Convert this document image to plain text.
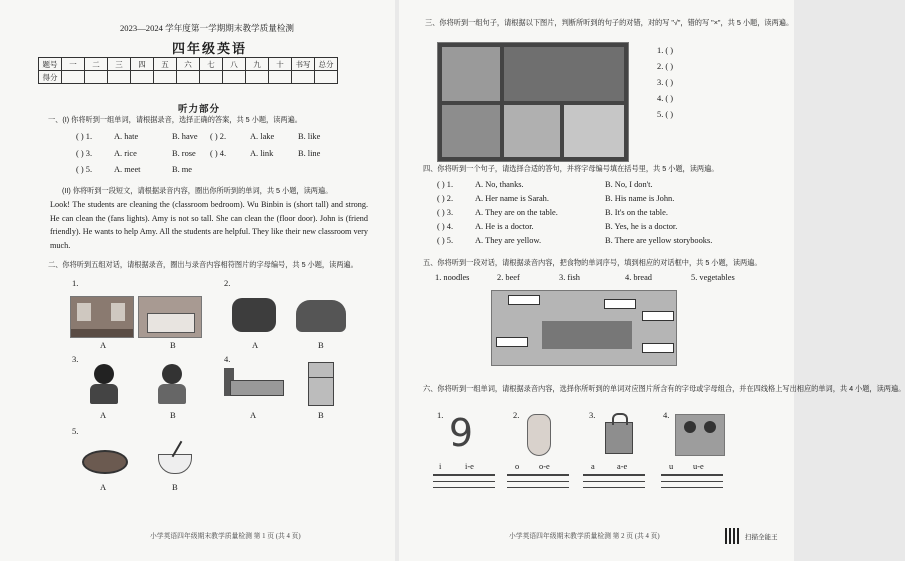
2023—2024 学年度第一学期期末教学质量检测
四年级英语
题号	一	二	三	四	五	六	七	八	九	十	书写	总分
得分												
听力部分
一、(I) 你将听到一组单词，请根据录音，选择正确的答案，共 5 小题，读两遍。
( ) 1.	A. hate	B. have ( ) 2.	A. lake	B. like
( ) 3.	A. rice	B. rose ( ) 4.	A. link	B. line
( ) 5.	A. meet	B. me
(II) 你将听到一段短文，请根据录音内容，圈出你所听到的单词，共 5 小题，读两遍。
Look! The students are cleaning the (classroom bedroom). Wu Binbin is (short tall) and strong. He can clean the (fans lights). Amy is not so tall. She can clean the (floor door). John is (friend friendly). He wants to help Amy. All the students are helpful. They like their new classroom very much.
二、你将听到五组对话，请根据录音，圈出与录音内容相符图片的字母编号，共 5 小题，读两遍。
1.
A	B
2.
A	B
3.
A	B
4.
A	B
5.
A	B
小学英语四年级期末教学质量检测 第 1 页 (共 4 页)
三、你将听到一组句子，请根据以下图片，判断所听到的句子的对错，对的写 "√"，错的写 "×"，共 5 小题，读两遍。
1. ( )
2. ( )
3. ( )
4. ( )
5. ( )
四、你将听到一个句子，请选择合适的答句，并将字母编号填在括号里，共 5 小题，读两遍。
( ) 1.	A. No, thanks.	B. No, I don't.
( ) 2.	A. Her name is Sarah.	B. His name is John.
( ) 3.	A. They are on the table.	B. It's on the table.
( ) 4.	A. He is a doctor.	B. Yes, he is a doctor.
( ) 5.	A. They are yellow.	B. There are yellow storybooks.
五、你将听到一段对话，请根据录音内容，把食物的单词序号，填到相应的对话框中，共 5 小题，读两遍。
1. noodles	2. beef	3. fish	4. bread	5. vegetables
六、你将听到一组单词，请根据录音内容，选择你所听到的单词对应图片所含有的字母或字母组合，并在四线格上写出相应的单词，共 4 小题，读两遍。
1. 9
i	i-e
2.
o o-e
3.
a	a-e
4.
u u-e
小学英语四年级期末教学质量检测 第 2 页 (共 4 页)	扫描全能王
